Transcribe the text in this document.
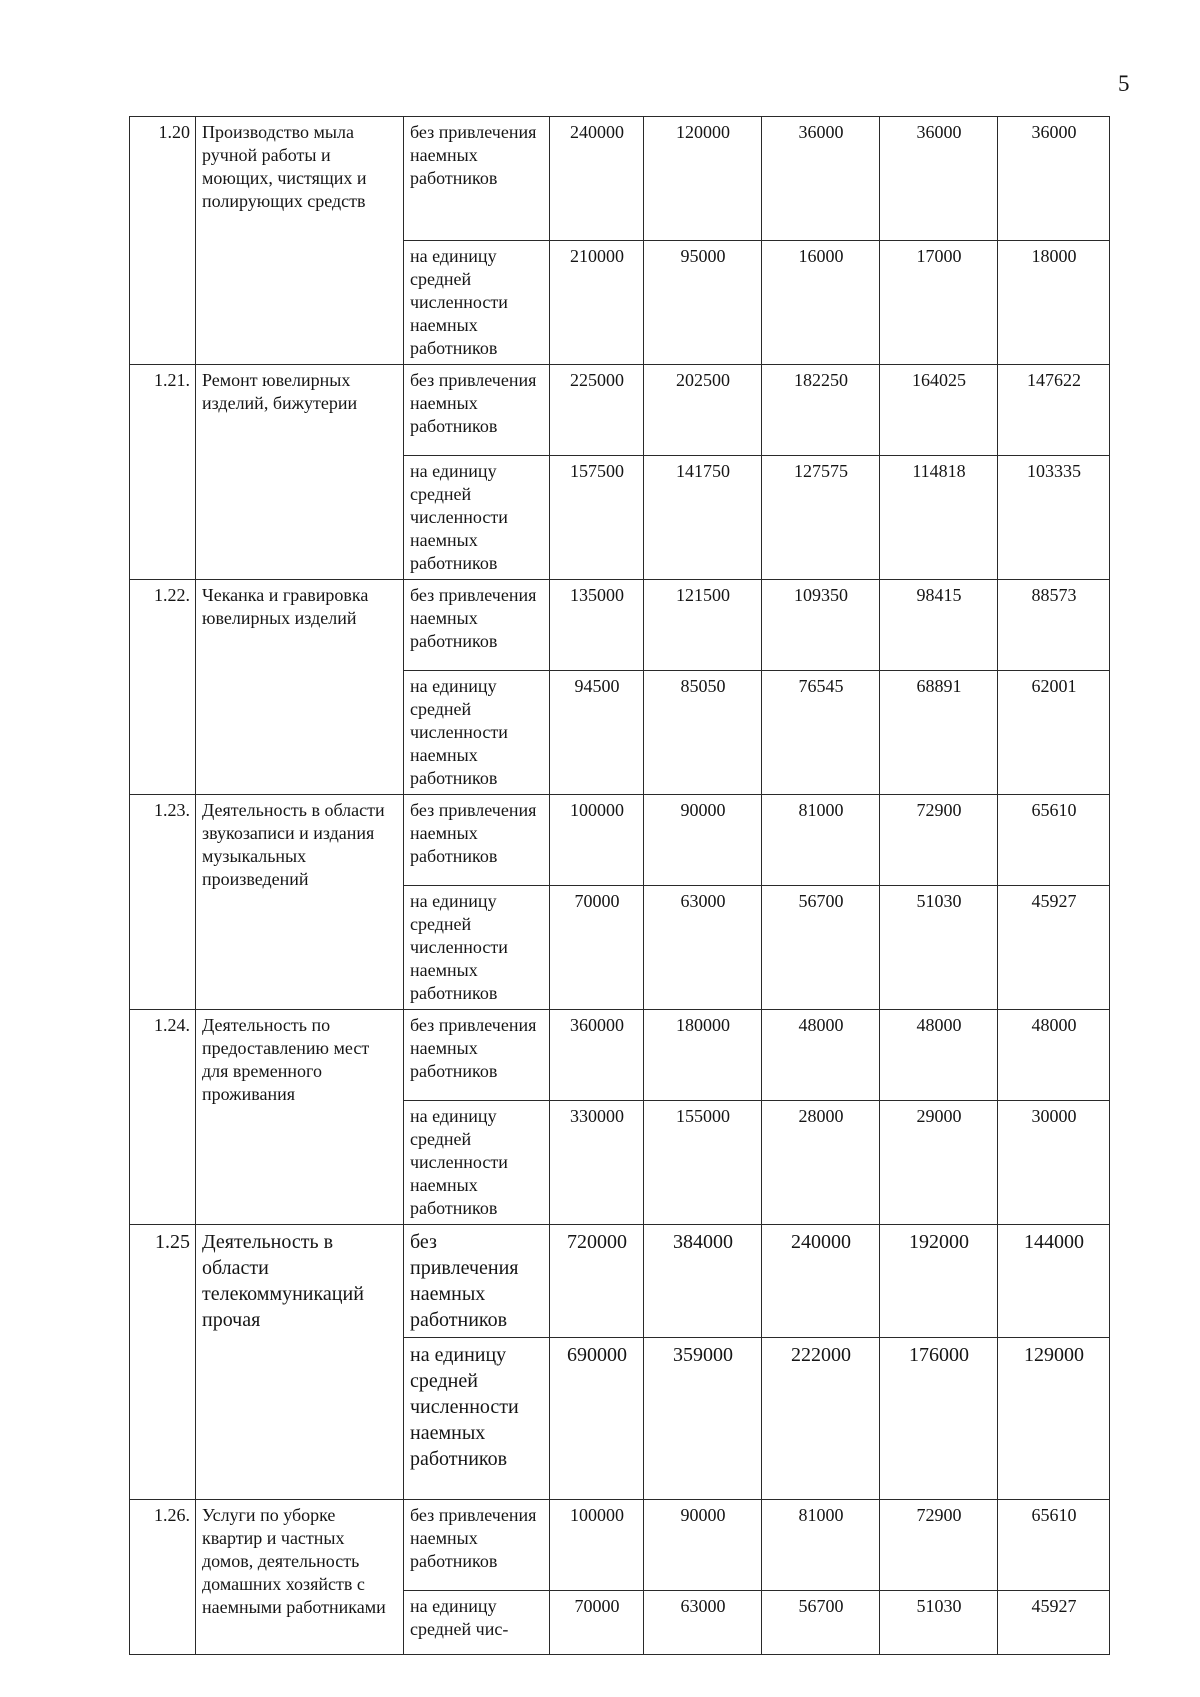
5
1.20	Производство мыла ручной работы и моющих, чистящих и полирующих средств	без привлечения наемных работников	240000	120000	36000	36000	36000
		на единицу средней численности наемных работников	210000	95000	16000	17000	18000
1.21.	Ремонт ювелирных изделий, бижутерии	без привлечения наемных работников	225000	202500	182250	164025	147622
		на единицу средней численности наемных работников	157500	141750	127575	114818	103335
1.22.	Чеканка и гравировка ювелирных изделий	без привлечения наемных работников	135000	121500	109350	98415	88573
		на единицу средней численности наемных работников	94500	85050	76545	68891	62001
1.23.	Деятельность в области звукозаписи и издания музыкальных произведений	без привлечения наемных работников	100000	90000	81000	72900	65610
		на единицу средней численности наемных работников	70000	63000	56700	51030	45927
1.24.	Деятельность по предоставлению мест для временного проживания	без привлечения наемных работников	360000	180000	48000	48000	48000
		на единицу средней численности наемных работников	330000	155000	28000	29000	30000
1.25	Деятельность в области телекоммуникаций прочая	без привлечения наемных работников	720000	384000	240000	192000	144000
		на единицу средней численности наемных работников	690000	359000	222000	176000	129000
1.26.	Услуги по уборке квартир и частных домов, деятельность домашних хозяйств с наемными работниками	без привлечения наемных работников	100000	90000	81000	72900	65610
		на единицу средней чис-	70000	63000	56700	51030	45927
